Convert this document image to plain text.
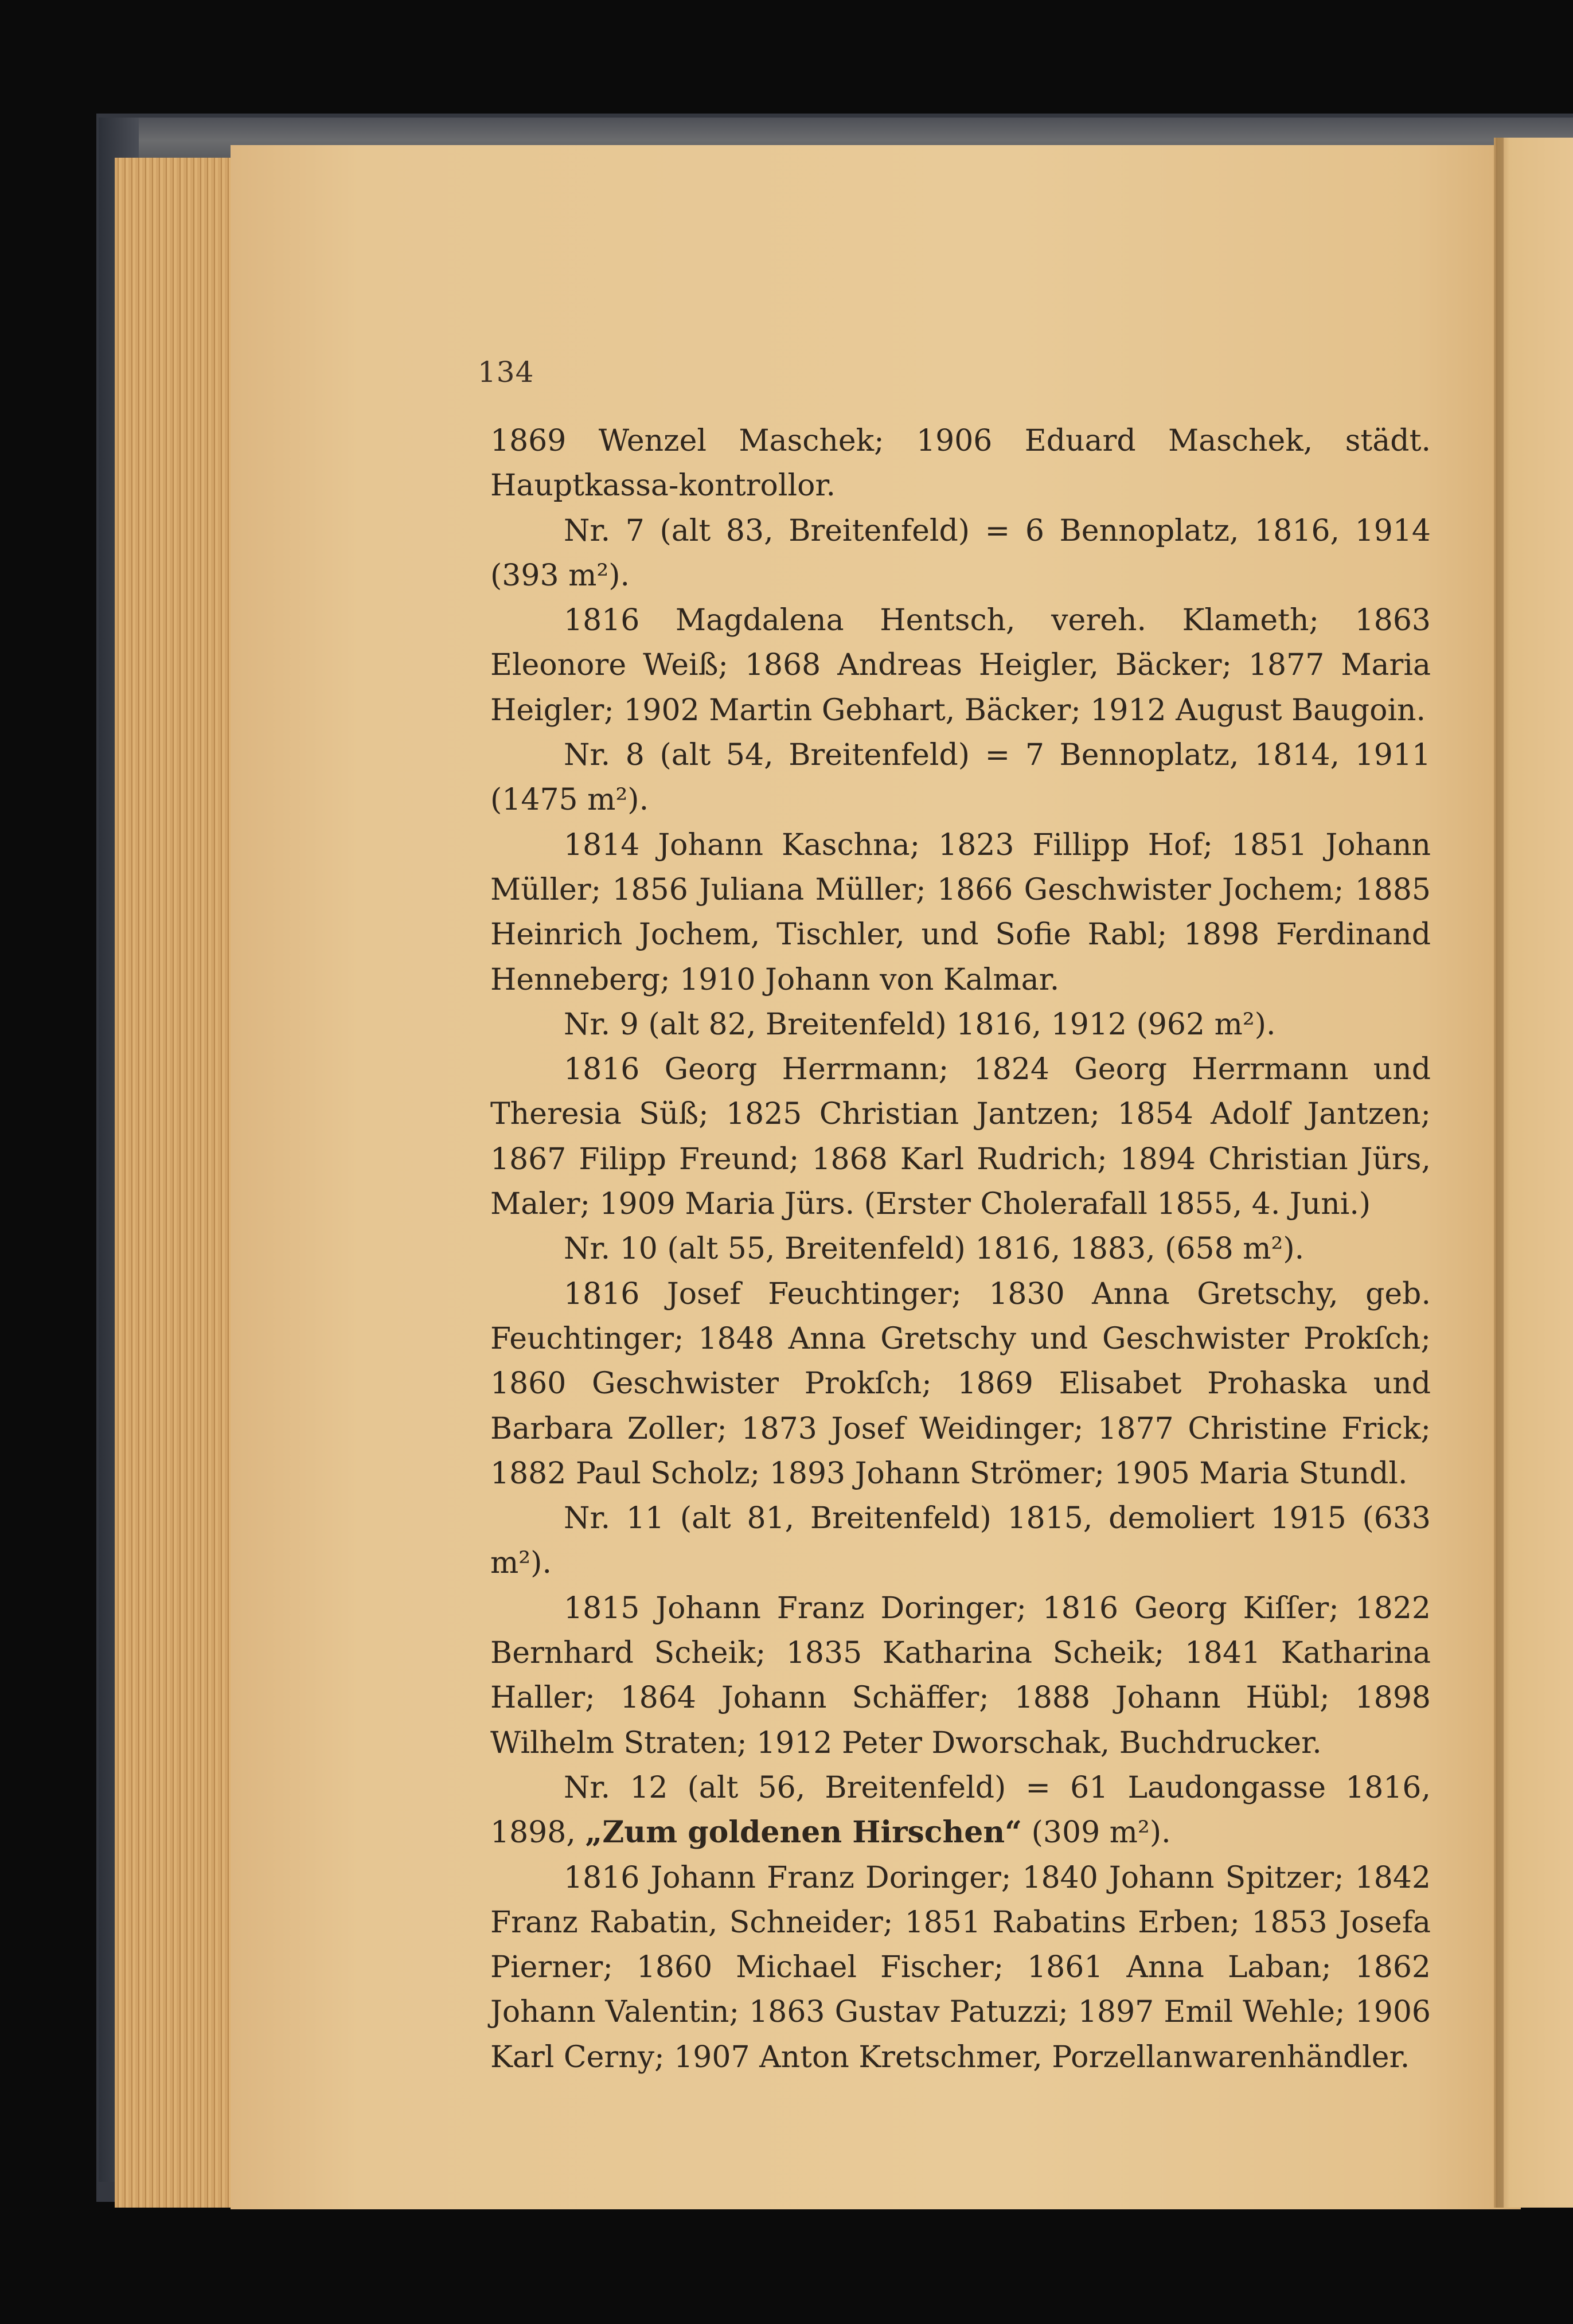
134

1869 Wenzel Maschek; 1906 Eduard Maschek, städt. Hauptkassa-kontrollor.

Nr. 7 (alt 83, Breitenfeld) = 6 Bennoplatz, 1816, 1914 (393 m²).

1816 Magdalena Hentsch, vereh. Klameth; 1863 Eleonore Weiß; 1868 Andreas Heigler, Bäcker; 1877 Maria Heigler; 1902 Martin Gebhart, Bäcker; 1912 August Baugoin.

Nr. 8 (alt 54, Breitenfeld) = 7 Bennoplatz, 1814, 1911 (1475 m²).

1814 Johann Kaschna; 1823 Fillipp Hof; 1851 Johann Müller; 1856 Juliana Müller; 1866 Geschwister Jochem; 1885 Heinrich Jochem, Tischler, und Sofie Rabl; 1898 Ferdinand Henneberg; 1910 Johann von Kalmar.

Nr. 9 (alt 82, Breitenfeld) 1816, 1912 (962 m²).

1816 Georg Herrmann; 1824 Georg Herrmann und Theresia Süß; 1825 Christian Jantzen; 1854 Adolf Jantzen; 1867 Filipp Freund; 1868 Karl Rudrich; 1894 Christian Jürs, Maler; 1909 Maria Jürs. (Erster Cholerafall 1855, 4. Juni.)

Nr. 10 (alt 55, Breitenfeld) 1816, 1883, (658 m²).

1816 Josef Feuchtinger; 1830 Anna Gretschy, geb. Feuchtinger; 1848 Anna Gretschy und Geschwister Prokſch; 1860 Geschwister Prokſch; 1869 Elisabet Prohaska und Barbara Zoller; 1873 Josef Weidinger; 1877 Christine Frick; 1882 Paul Scholz; 1893 Johann Strömer; 1905 Maria Stundl.

Nr. 11 (alt 81, Breitenfeld) 1815, demoliert 1915 (633 m²).

1815 Johann Franz Doringer; 1816 Georg Kiſſer; 1822 Bernhard Scheik; 1835 Katharina Scheik; 1841 Katharina Haller; 1864 Johann Schäffer; 1888 Johann Hübl; 1898 Wilhelm Straten; 1912 Peter Dworschak, Buchdrucker.

Nr. 12 (alt 56, Breitenfeld) = 61 Laudongasse 1816, 1898, „Zum goldenen Hirschen“ (309 m²).

1816 Johann Franz Doringer; 1840 Johann Spitzer; 1842 Franz Rabatin, Schneider; 1851 Rabatins Erben; 1853 Josefa Pierner; 1860 Michael Fischer; 1861 Anna Laban; 1862 Johann Valentin; 1863 Gustav Patuzzi; 1897 Emil Wehle; 1906 Karl Cerny; 1907 Anton Kretschmer, Porzellanwarenhändler.
